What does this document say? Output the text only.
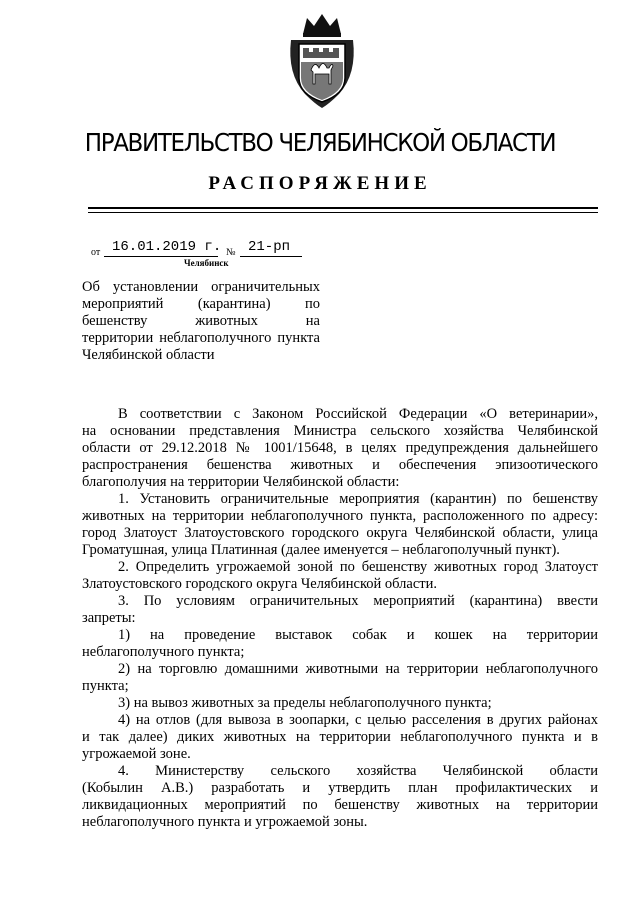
ПРАВИТЕЛЬСТВО ЧЕЛЯБИНСКОЙ ОБЛАСТИ
РАСПОРЯЖЕНИЕ
от 16.01.2019 г. № 21-рп
Челябинск
Об установлении ограничительных
мероприятий (карантина) по
бешенству животных на
территории неблагополучного пункта
Челябинской области
В соответствии с Законом Российской Федерации «О ветеринарии»,
на основании представления Министра сельского хозяйства Челябинской
области от 29.12.2018 № 1001/15648, в целях предупреждения дальнейшего
распространения бешенства животных и обеспечения эпизоотического
благополучия на территории Челябинской области:
1. Установить ограничительные мероприятия (карантин) по бешенству
животных на территории неблагополучного пункта, расположенного по адресу:
город Златоуст Златоустовского городского округа Челябинской области, улица
Громатушная, улица Платинная (далее именуется – неблагополучный пункт).
2. Определить угрожаемой зоной по бешенству животных город Златоуст
Златоустовского городского округа Челябинской области.
3. По условиям ограничительных мероприятий (карантина) ввести
запреты:
1) на проведение выставок собак и кошек на территории
неблагополучного пункта;
2) на торговлю домашними животными на территории неблагополучного
пункта;
3) на вывоз животных за пределы неблагополучного пункта;
4) на отлов (для вывоза в зоопарки, с целью расселения в других районах
и так далее) диких животных на территории неблагополучного пункта и в
угрожаемой зоне.
4. Министерству сельского хозяйства Челябинской области
(Кобылин А.В.) разработать и утвердить план профилактических и
ликвидационных мероприятий по бешенству животных на территории
неблагополучного пункта и угрожаемой зоны.
